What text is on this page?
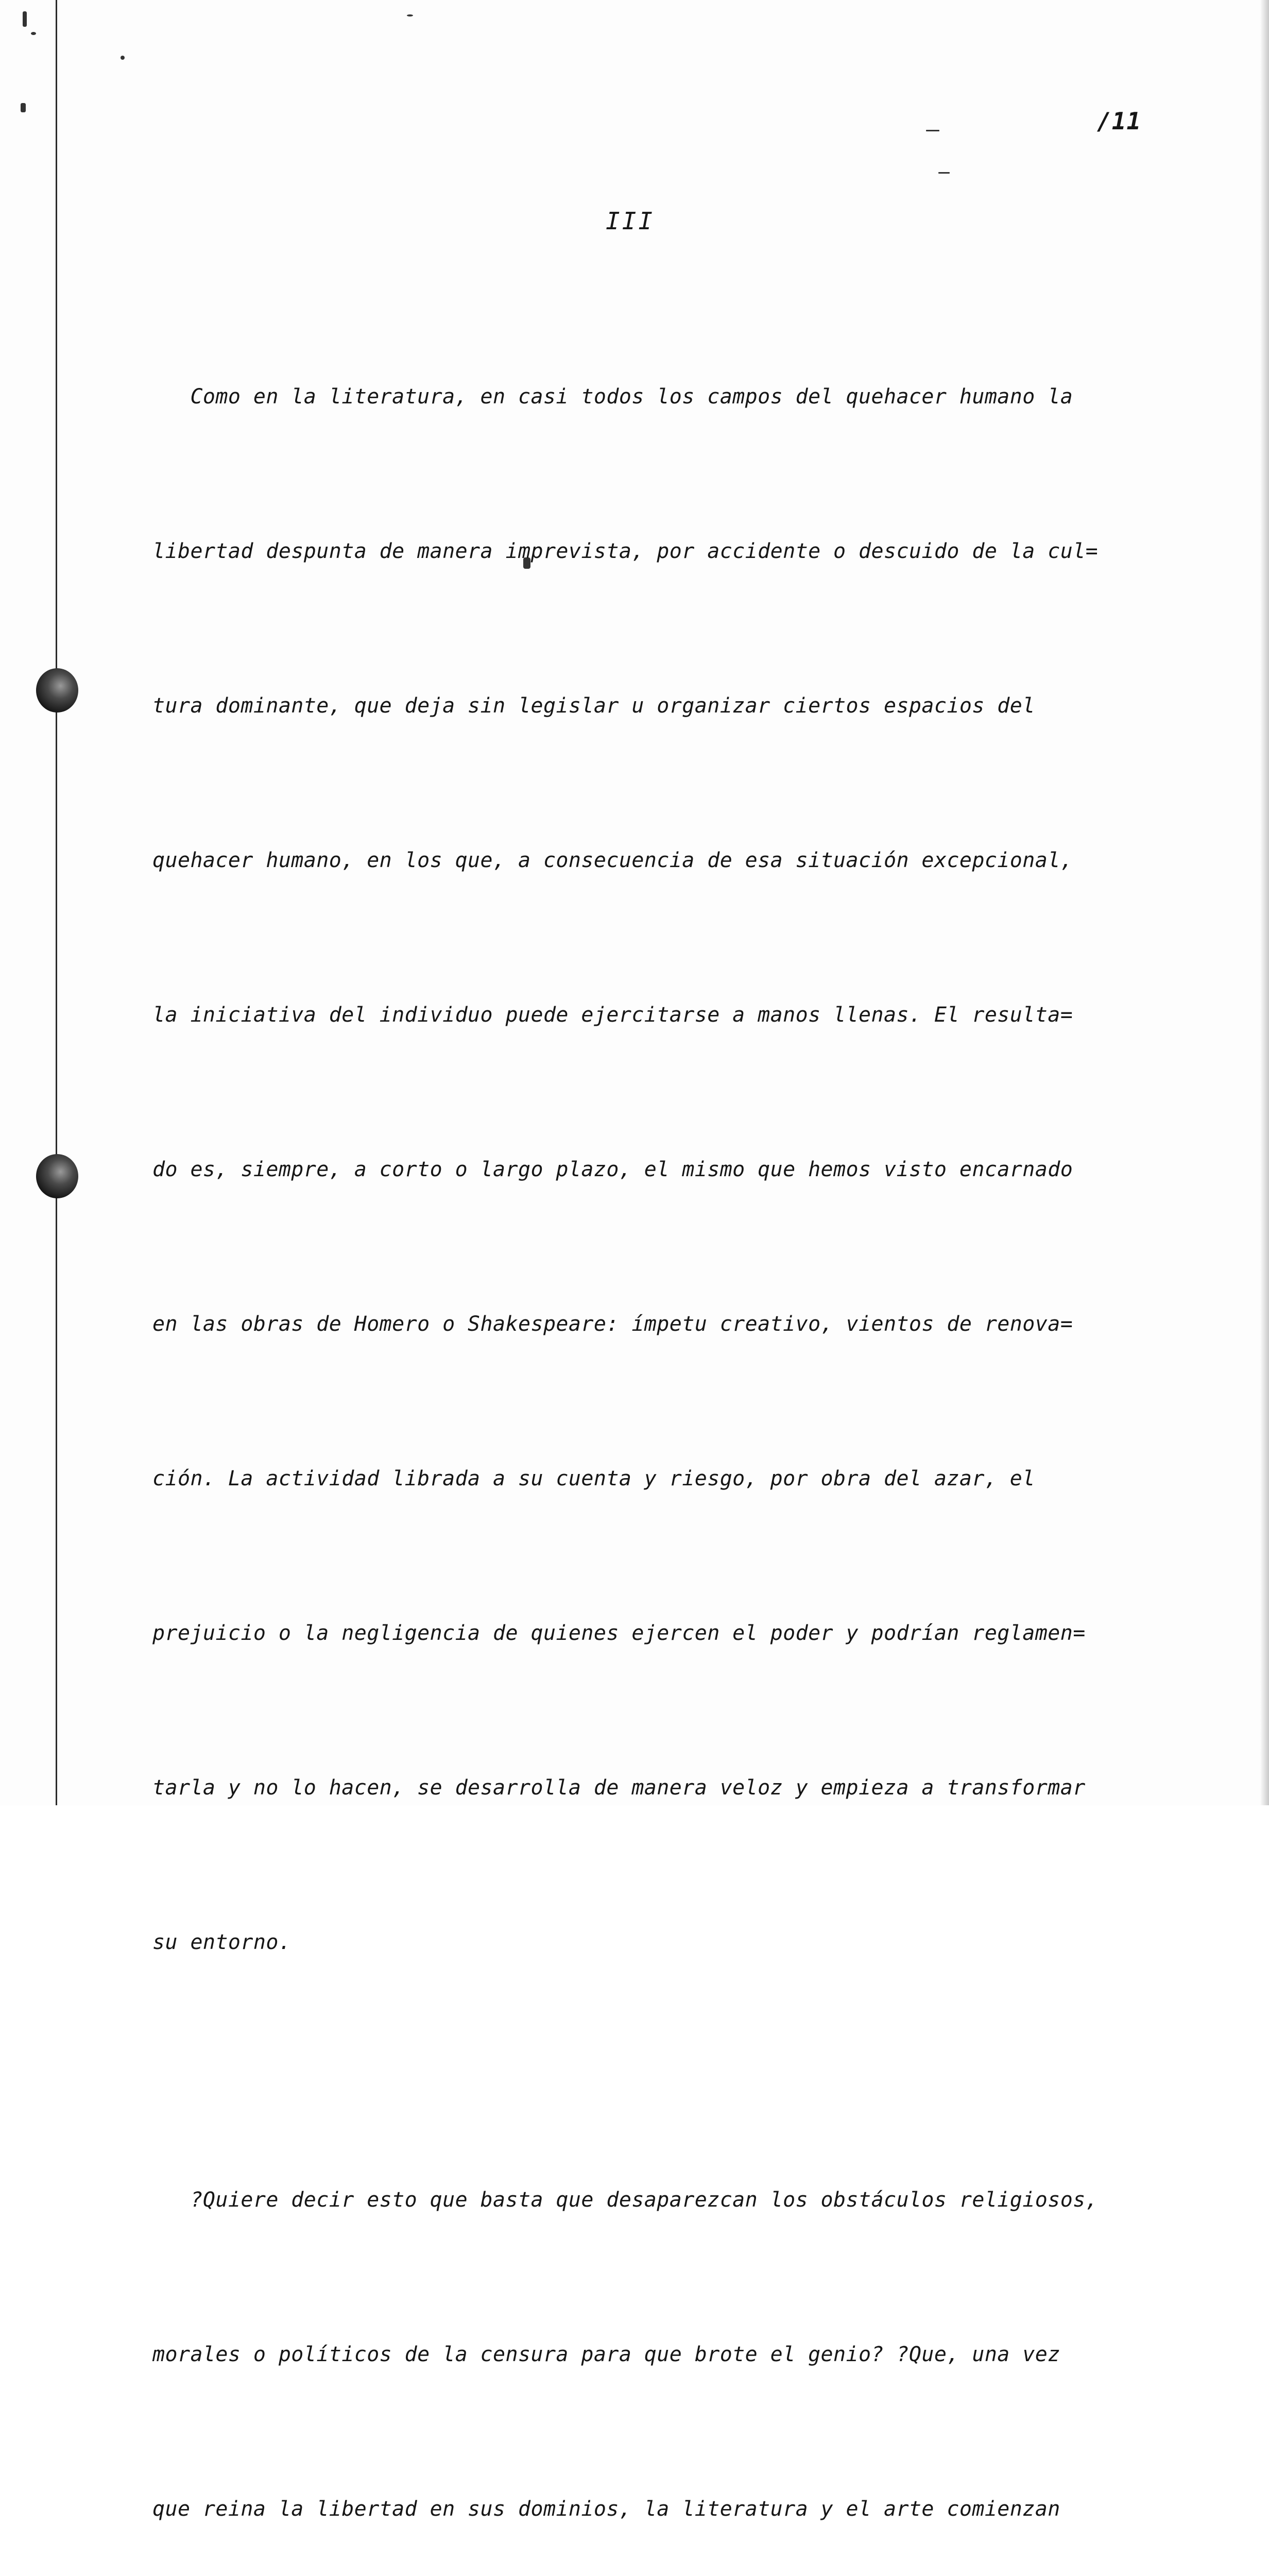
/11
III

Como en la literatura, en casi todos los campos del quehacer humano la

libertad despunta de manera imprevista, por accidente o descuido de la cul=

tura dominante, que deja sin legislar u organizar ciertos espacios del

quehacer humano, en los que, a consecuencia de esa situación excepcional,

la iniciativa del individuo puede ejercitarse a manos llenas. El resulta=

do es, siempre, a corto o largo plazo, el mismo que hemos visto encarnado

en las obras de Homero o Shakespeare: ímpetu creativo, vientos de renova=

ción. La actividad librada a su cuenta y riesgo, por obra del azar, el

prejuicio o la negligencia de quienes ejercen el poder y podrían reglamen=

tarla y no lo hacen, se desarrolla de manera veloz y empieza a transformar

su entorno.

?Quiere decir esto que basta que desaparezcan los obstáculos religiosos,

morales o políticos de la censura para que brote el genio? ?Que, una vez

que reina la libertad en sus dominios, la literatura y el arte comienzan
